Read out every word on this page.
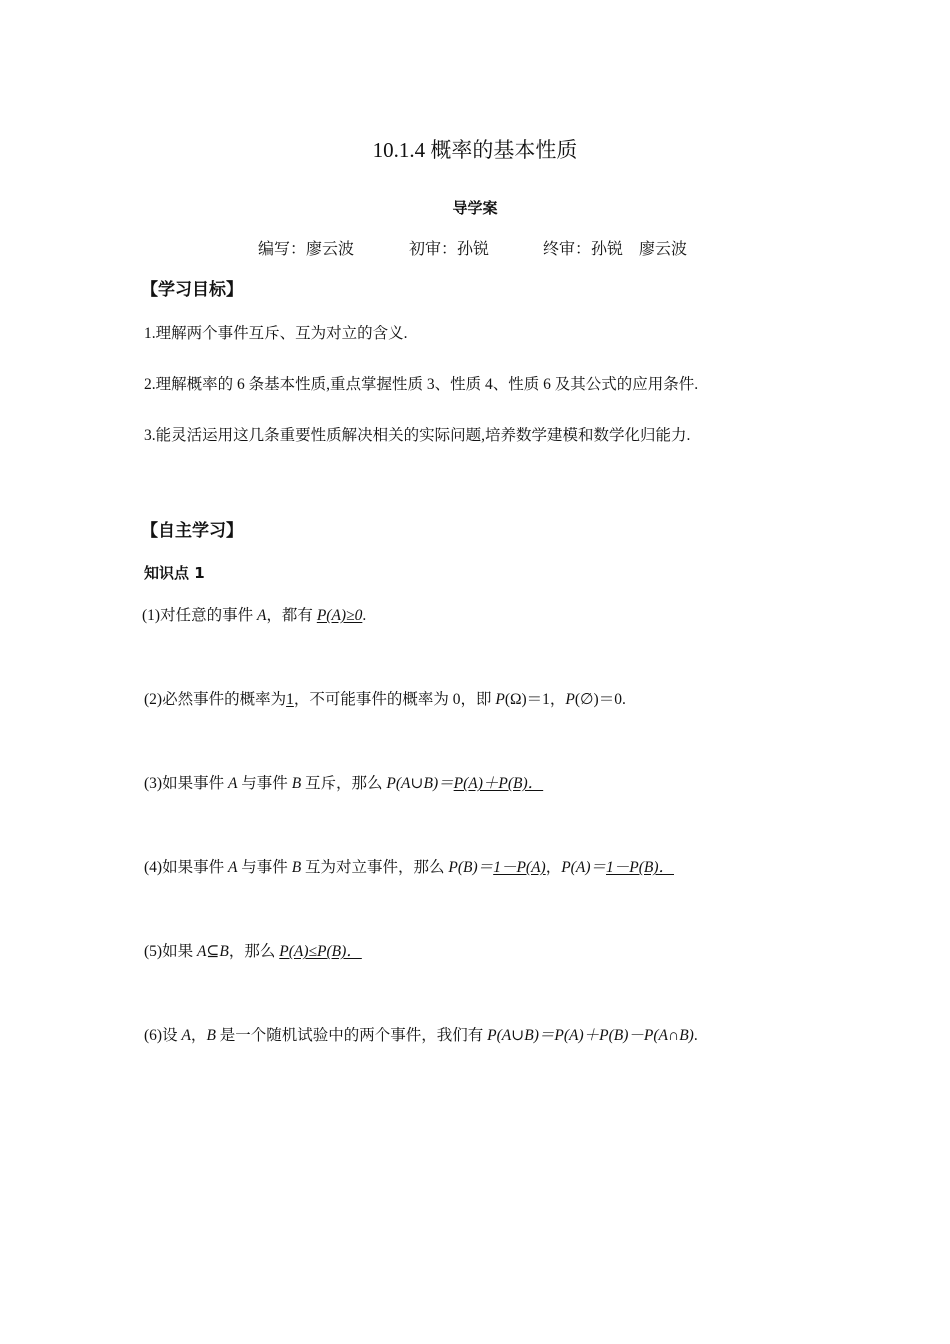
10.1.4 概率的基本性质
导学案

编写：廖云波

	初审：孙锐

	终审：孙锐　廖云波

【学习目标】
1.理解两个事件互斥、互为对立的含义.
2.理解概率的 6 条基本性质,重点掌握性质 3、性质 4、性质 6 及其公式的应用条件.
3.能灵活运用这几条重要性质解决相关的实际问题,培养数学建模和数学化归能力.
【自主学习】
知识点 1
(1)对任意的事件 A，都有 P(A)≥0.
(2)必然事件的概率为1，不可能事件的概率为 0，即 P(Ω)＝1，P(∅)＝0.
(3)如果事件 A 与事件 B 互斥，那么 P(A∪B)＝P(A)＋P(B)．
(4)如果事件 A 与事件 B 互为对立事件，那么 P(B)＝1－P(A)，P(A)＝1－P(B)．
(5)如果 A⊆B，那么 P(A)≤P(B)．
(6)设 A，B 是一个随机试验中的两个事件，我们有 P(A∪B)＝P(A)＋P(B)－P(A∩B).
